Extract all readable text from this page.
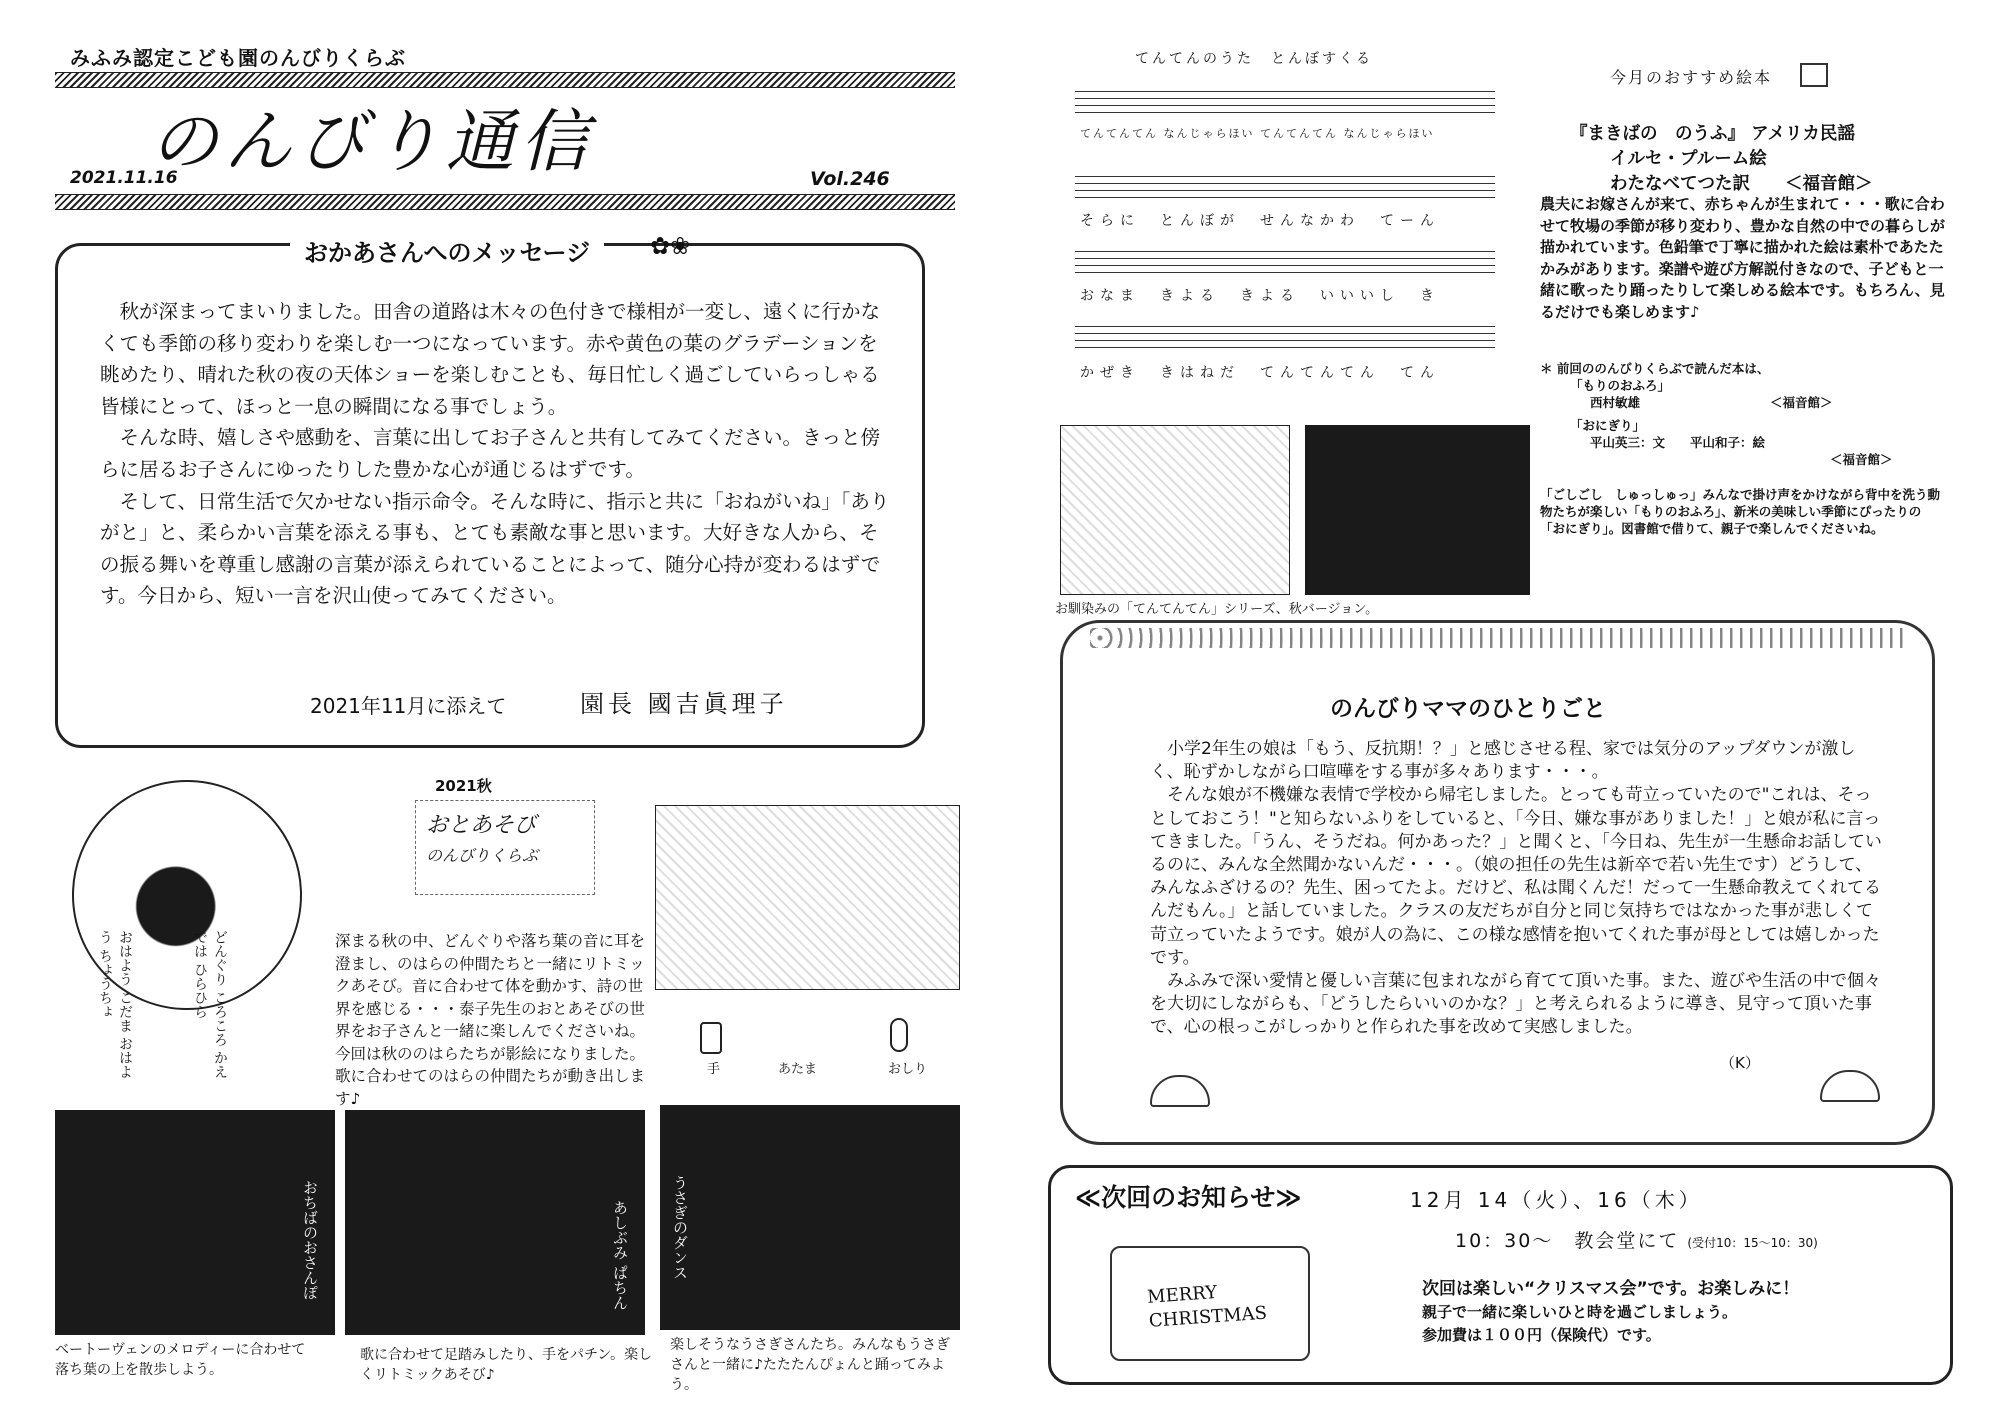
みふみ認定こども園のんびりくらぶ
のんびり通信
2021.11.16	Vol.246
おかあさんへのメッセージ	✿❀

秋が深まってまいりました。田舎の道路は木々の色付きで様相が一変し、遠くに行かなくても季節の移り変わりを楽しむ一つになっています。赤や黄色の葉のグラデーションを眺めたり、晴れた秋の夜の天体ショーを楽しむことも、毎日忙しく過ごしていらっしゃる皆様にとって、ほっと一息の瞬間になる事でしょう。

そんな時、嬉しさや感動を、言葉に出してお子さんと共有してみてください。きっと傍らに居るお子さんにゆったりした豊かな心が通じるはずです。

そして、日常生活で欠かせない指示命令。そんな時に、指示と共に「おねがいね」「ありがと」と、柔らかい言葉を添える事も、とても素敵な事と思います。大好きな人から、その振る舞いを尊重し感謝の言葉が添えられていることによって、随分心持が変わるはずです。今日から、短い一言を沢山使ってみてください。

2021年11月に添えて	園長 國吉眞理子
おはよう こだま おはよう ちょうちょ	どんぐり ころころ かえでは ひらひら
2021秋
おとあそび
のんびりくらぶ
深まる秋の中、どんぐりや落ち葉の音に耳を澄まし、のはらの仲間たちと一緒にリトミックあそび。音に合わせて体を動かす、詩の世界を感じる・・・泰子先生のおとあそびの世界をお子さんと一緒に楽しんでくださいね。　今回は秋ののはらたちが影絵になりました。歌に合わせてのはらの仲間たちが動き出します♪
手	あたま	おしり
おちばのおさんぽ
ベートーヴェンのメロディーに合わせて落ち葉の上を散歩しよう。
あしぶみ ぱちん
歌に合わせて足踏みしたり、手をパチン。楽しくリトミックあそび♪
うさぎのダンス
楽しそうなうさぎさんたち。みんなもうさぎさんと一緒に♪たたたんぴょんと踊ってみよう。
てんてんのうた　とんぼすくる
てんてんてん なんじゃらほい てんてんてん なんじゃらほい
そらに　とんぼが　せんなかわ　てーん
おなま　きよる　きよる　いいいし　き
かぜき　きはねだ　てんてんてん　てん
お馴染みの「てんてんてん」シリーズ、秋バージョン。
今月のおすすめ絵本
『まきばの　のうふ』 アメリカ民謡
イルセ・プルーム絵
わたなべてつた訳　　＜福音館＞
農夫にお嫁さんが来て、赤ちゃんが生まれて・・・歌に合わせて牧場の季節が移り変わり、豊かな自然の中での暮らしが描かれています。色鉛筆で丁寧に描かれた絵は素朴であたたかみがあります。楽譜や遊び方解説付きなので、子どもと一緒に歌ったり踊ったりして楽しめる絵本です。もちろん、見るだけでも楽しめます♪
＊ 前回ののんびりくらぶで読んだ本は、
「もりのおふろ」
西村敏雄	＜福音館＞
「おにぎり」
平山英三：文　　平山和子：絵
＜福音館＞
「ごしごし　しゅっしゅっ」みんなで掛け声をかけながら背中を洗う動物たちが楽しい「もりのおふろ」、新米の美味しい季節にぴったりの「おにぎり」。図書館で借りて、親子で楽しんでくださいね。
のんびりママのひとりごと

小学2年生の娘は「もう、反抗期！？」と感じさせる程、家では気分のアップダウンが激しく、恥ずかしながら口喧嘩をする事が多々あります・・・。

そんな娘が不機嫌な表情で学校から帰宅しました。とっても苛立っていたので"これは、そっとしておこう！"と知らないふりをしていると、「今日、嫌な事がありました！」と娘が私に言ってきました。「うん、そうだね。何かあった？」と聞くと、「今日ね、先生が一生懸命お話しているのに、みんな全然聞かないんだ・・・。（娘の担任の先生は新卒で若い先生です）どうして、みんなふざけるの？先生、困ってたよ。だけど、私は聞くんだ！だって一生懸命教えてくれてるんだもん。」と話していました。クラスの友だちが自分と同じ気持ちではなかった事が悲しくて苛立っていたようです。娘が人の為に、この様な感情を抱いてくれた事が母としては嬉しかったです。

みふみで深い愛情と優しい言葉に包まれながら育てて頂いた事。また、遊びや生活の中で個々を大切にしながらも、「どうしたらいいのかな？」と考えられるように導き、見守って頂いた事で、心の根っこがしっかりと作られた事を改めて実感しました。

（K）
≪次回のお知らせ≫	12月 14（火）、16（木）
10：30〜　教会堂にて (受付10：15〜10：30)
MERRY CHRISTMAS
次回は楽しい“クリスマス会”です。お楽しみに！
親子で一緒に楽しいひと時を過ごしましょう。
参加費は１００円（保険代）です。
